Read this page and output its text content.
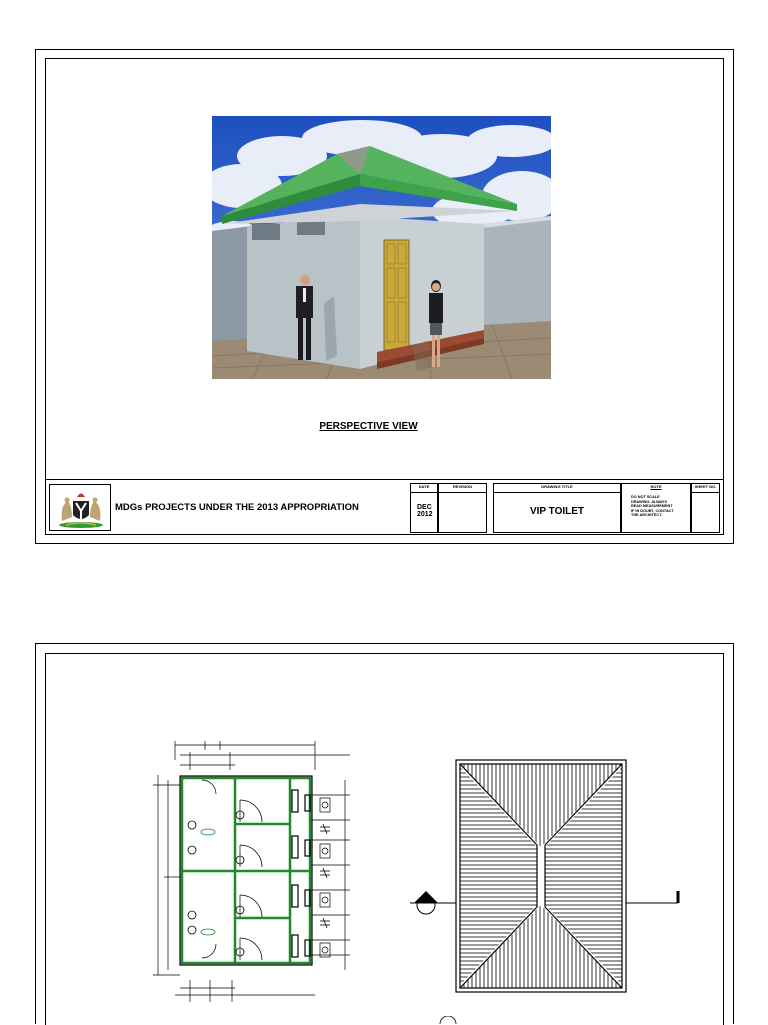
PERSPECTIVE VIEW
MDGs PROJECTS UNDER THE 2013 APPROPRIATION
DATE
DEC
2012
REVISION	DRAWING TITLE
VIP TOILET
NOTE
DO NOT SCALE
DRAWING. ALWAYS
READ MEASUREMENT
IF IN DOUBT, CONTACT
THE ARCHITECT.
SHEET NO.
